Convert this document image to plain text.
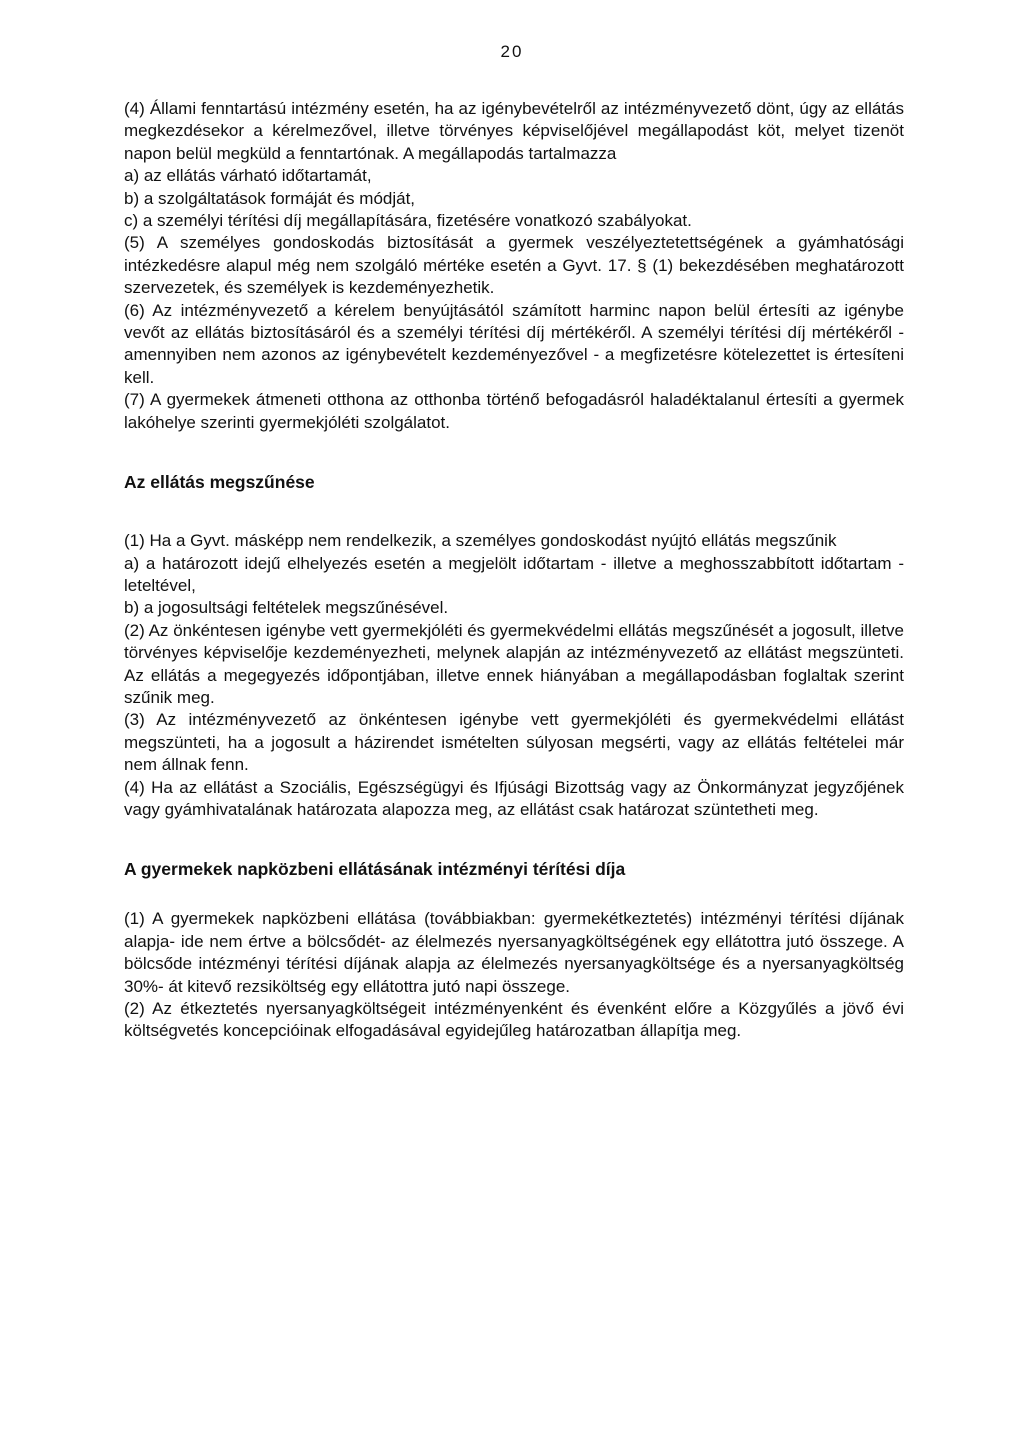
20

(4) Állami fenntartású intézmény esetén, ha az igénybevételről az intézményvezető dönt, úgy az ellátás megkezdésekor a kérelmezővel, illetve törvényes képviselőjével megállapodást köt, melyet tizenöt napon belül megküld a fenntartónak. A megállapodás tartalmazza

a) az ellátás várható időtartamát,

b) a szolgáltatások formáját és módját,

c) a személyi térítési díj megállapítására, fizetésére vonatkozó szabályokat.

(5) A személyes gondoskodás biztosítását a gyermek veszélyeztetettségének a gyámhatósági intézkedésre alapul még nem szolgáló mértéke esetén a Gyvt. 17. § (1) bekezdésében meghatározott szervezetek, és személyek is kezdeményezhetik.

(6) Az intézményvezető a kérelem benyújtásától számított harminc napon belül értesíti az igénybe vevőt az ellátás biztosításáról és a személyi térítési díj mértékéről. A személyi térítési díj mértékéről - amennyiben nem azonos az igénybevételt kezdeményezővel - a megfizetésre kötelezettet is értesíteni kell.

(7) A gyermekek átmeneti otthona az otthonba történő befogadásról haladéktalanul értesíti a gyermek lakóhelye szerinti gyermekjóléti szolgálatot.

Az ellátás megszűnése

(1) Ha a Gyvt. másképp nem rendelkezik, a személyes gondoskodást nyújtó ellátás megszűnik

a) a határozott idejű elhelyezés esetén a megjelölt időtartam - illetve a meghosszabbított időtartam - leteltével,

b) a jogosultsági feltételek megszűnésével.

(2) Az önkéntesen igénybe vett gyermekjóléti és gyermekvédelmi ellátás megszűnését a jogosult, illetve törvényes képviselője kezdeményezheti, melynek alapján az intézményvezető az ellátást megszünteti. Az ellátás a megegyezés időpontjában, illetve ennek hiányában a megállapodásban foglaltak szerint szűnik meg.

(3) Az intézményvezető az önkéntesen igénybe vett gyermekjóléti és gyermekvédelmi ellátást megszünteti, ha a jogosult a házirendet ismételten súlyosan megsérti, vagy az ellátás feltételei már nem állnak fenn.

(4) Ha az ellátást a Szociális, Egészségügyi és Ifjúsági Bizottság vagy az Önkormányzat jegyzőjének vagy gyámhivatalának határozata alapozza meg, az ellátást csak határozat szüntetheti meg.

A gyermekek napközbeni ellátásának intézményi térítési díja

(1) A gyermekek napközbeni ellátása (továbbiakban: gyermekétkeztetés) intézményi térítési díjának alapja- ide nem értve a bölcsődét- az élelmezés nyersanyagköltségének egy ellátottra jutó összege. A bölcsőde intézményi térítési díjának alapja az élelmezés nyersanyagköltsége és a nyersanyagköltség 30%- át kitevő rezsiköltség egy ellátottra jutó napi összege.

(2) Az étkeztetés nyersanyagköltségeit intézményenként és évenként előre a Közgyűlés a jövő évi költségvetés koncepcióinak elfogadásával egyidejűleg határozatban állapítja meg.
